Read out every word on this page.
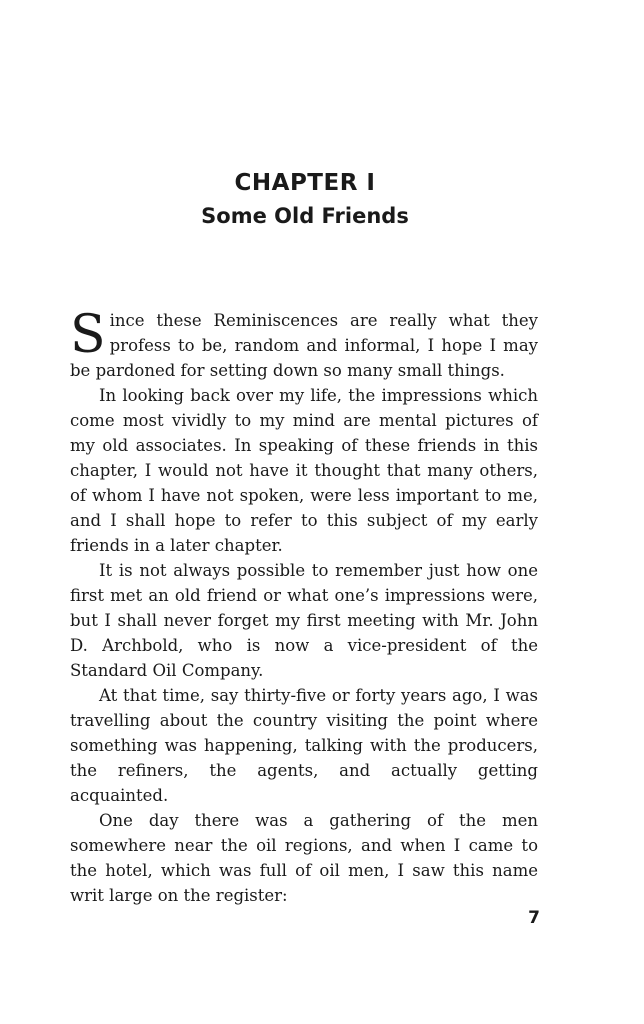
CHAPTER I
Some Old Friends

Since these Reminiscences are really what they profess to be, random and informal, I hope I may be pardoned for setting down so many small things.

In looking back over my life, the impressions which come most vividly to my mind are mental pictures of my old associates. In speaking of these friends in this chapter, I would not have it thought that many others, of whom I have not spoken, were less important to me, and I shall hope to refer to this subject of my early friends in a later chapter.

It is not always possible to remember just how one first met an old friend or what one’s impressions were, but I shall never forget my first meeting with Mr. John D. Archbold, who is now a vice-president of the Standard Oil Company.

At that time, say thirty-five or forty years ago, I was travelling about the country visiting the point where something was happening, talking with the producers, the refiners, the agents, and actually getting acquainted.

One day there was a gathering of the men somewhere near the oil regions, and when I came to the hotel, which was full of oil men, I saw this name writ large on the register:

7
